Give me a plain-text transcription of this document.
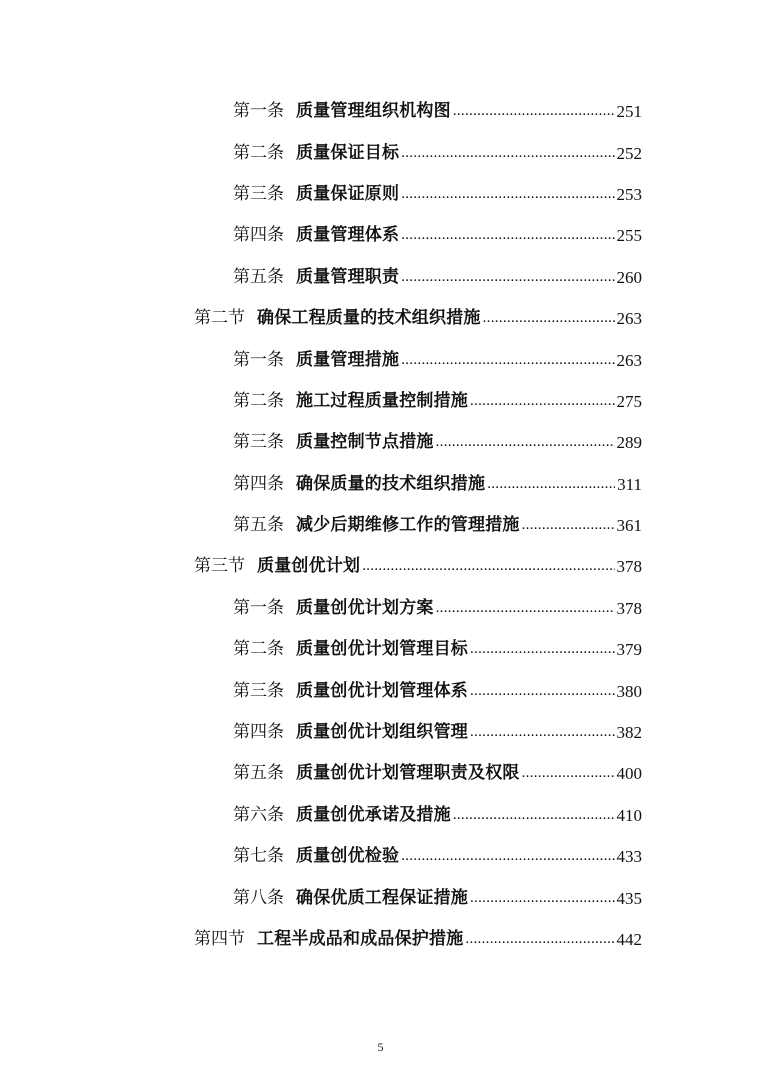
第一条 质量管理组织机构图 .....	251
第二条 质量保证目标 .....	252
第三条 质量保证原则 .....	253
第四条 质量管理体系 .....	255
第五条 质量管理职责 .....	260
第二节 确保工程质量的技术组织措施 .....	263
第一条 质量管理措施 .....	263
第二条 施工过程质量控制措施 .....	275
第三条 质量控制节点措施 .....	289
第四条 确保质量的技术组织措施 .....	311
第五条 减少后期维修工作的管理措施 .....	361
第三节 质量创优计划 .....	378
第一条 质量创优计划方案 .....	378
第二条 质量创优计划管理目标 .....	379
第三条 质量创优计划管理体系 .....	380
第四条 质量创优计划组织管理 .....	382
第五条 质量创优计划管理职责及权限 .....	400
第六条 质量创优承诺及措施 .....	410
第七条 质量创优检验 .....	433
第八条 确保优质工程保证措施 .....	435
第四节 工程半成品和成品保护措施 .....	442
5
